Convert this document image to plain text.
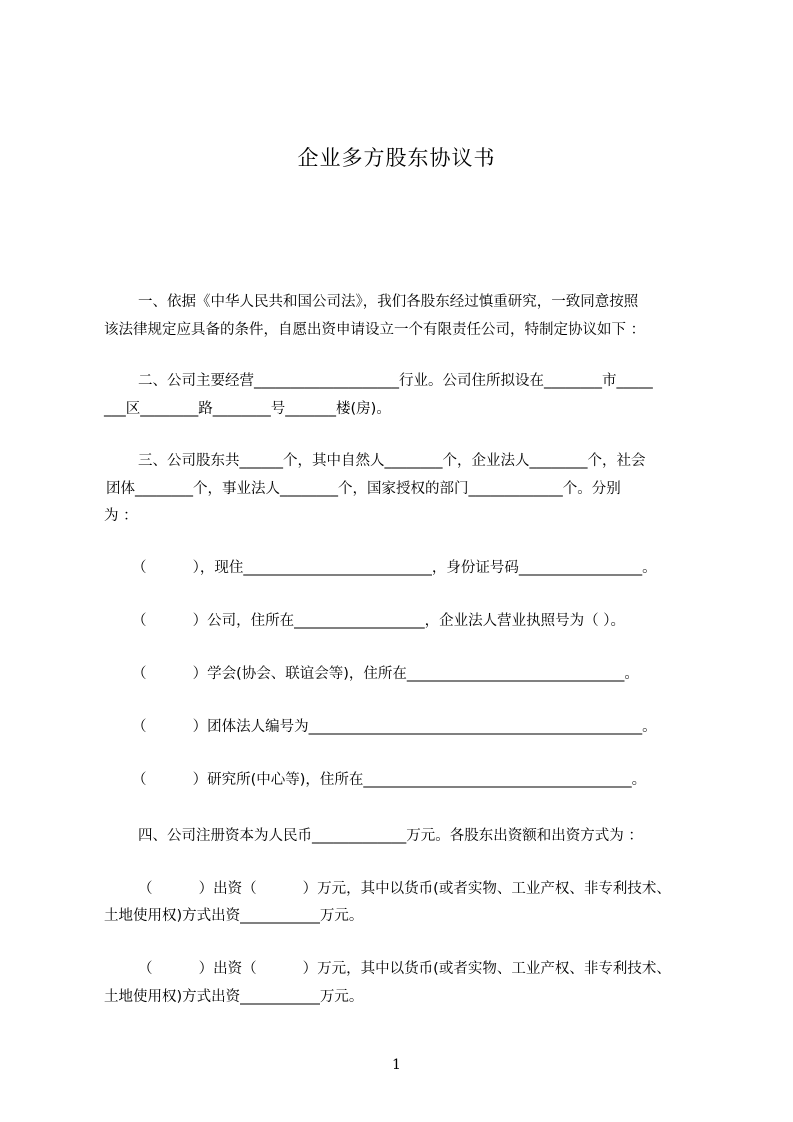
企业多方股东协议书
一、依据《中华人民共和国公司法》，我们各股东经过慎重研究，一致同意按照
该法律规定应具备的条件，自愿出资申请设立一个有限责任公司，特制定协议如下 ：
二、公司主要经营____________________行业。公司住所拟设在________市_____
___区________路________号_______楼(房)。
三、公司股东共______个，其中自然人________个，企业法人________个，社会
团体________个，事业法人________个，国家授权的部门_____________个。分别
为 ：
（          ），现住__________________________，身份证号码_________________。
（          ）公司，住所在__________________，企业法人营业执照号为（ ）。
（          ）学会(协会、联谊会等)，住所在______________________________。
（          ）团体法人编号为______________________________________________。
（          ）研究所(中心等)，住所在_____________________________________。
四、公司注册资本为人民币_____________万元。各股东出资额和出资方式为 ：
（          ）出资（          ）万元，其中以货币(或者实物、工业产权、非专利技术、
土地使用权)方式出资___________万元。
（          ）出资（          ）万元，其中以货币(或者实物、工业产权、非专利技术、
土地使用权)方式出资___________万元。
1
